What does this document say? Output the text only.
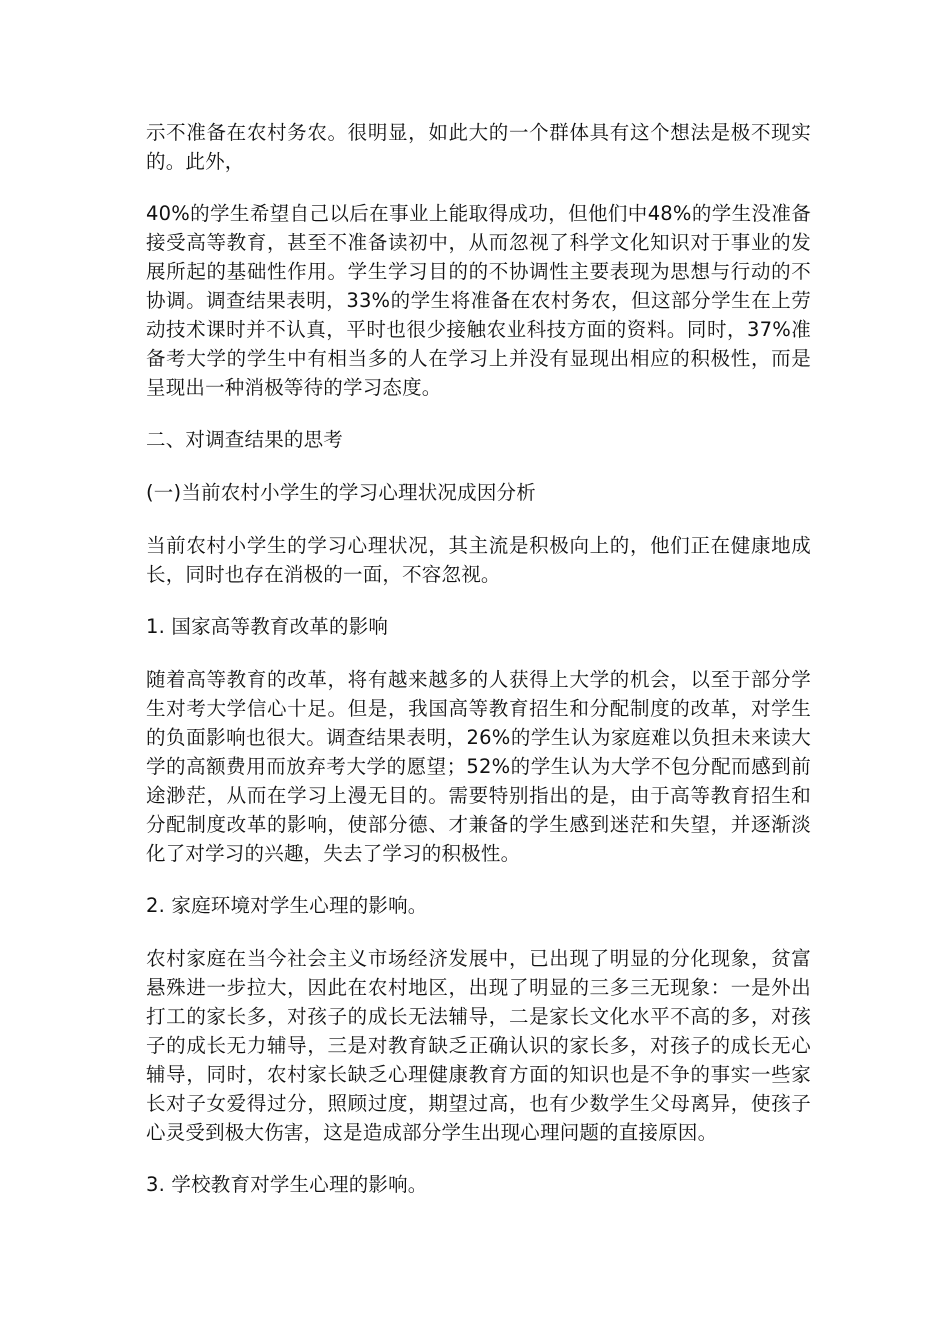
示不准备在农村务农。很明显，如此大的一个群体具有这个想法是极不现实的。此外，

40%的学生希望自己以后在事业上能取得成功，但他们中48%的学生没准备接受高等教育，甚至不准备读初中，从而忽视了科学文化知识对于事业的发展所起的基础性作用。学生学习目的的不协调性主要表现为思想与行动的不协调。调查结果表明，33%的学生将准备在农村务农，但这部分学生在上劳动技术课时并不认真，平时也很少接触农业科技方面的资料。同时，37%准备考大学的学生中有相当多的人在学习上并没有显现出相应的积极性，而是呈现出一种消极等待的学习态度。

二、对调查结果的思考

(一)当前农村小学生的学习心理状况成因分析

当前农村小学生的学习心理状况，其主流是积极向上的，他们正在健康地成长，同时也存在消极的一面，不容忽视。

1. 国家高等教育改革的影响

随着高等教育的改革，将有越来越多的人获得上大学的机会，以至于部分学生对考大学信心十足。但是，我国高等教育招生和分配制度的改革，对学生的负面影响也很大。调查结果表明，26%的学生认为家庭难以负担未来读大学的高额费用而放弃考大学的愿望；52%的学生认为大学不包分配而感到前途渺茫，从而在学习上漫无目的。需要特别指出的是，由于高等教育招生和分配制度改革的影响，使部分德、才兼备的学生感到迷茫和失望，并逐渐淡化了对学习的兴趣，失去了学习的积极性。

2. 家庭环境对学生心理的影响。

农村家庭在当今社会主义市场经济发展中，已出现了明显的分化现象，贫富悬殊进一步拉大，因此在农村地区，出现了明显的三多三无现象：一是外出打工的家长多，对孩子的成长无法辅导，二是家长文化水平不高的多，对孩子的成长无力辅导，三是对教育缺乏正确认识的家长多，对孩子的成长无心辅导，同时，农村家长缺乏心理健康教育方面的知识也是不争的事实一些家长对子女爱得过分，照顾过度，期望过高，也有少数学生父母离异，使孩子心灵受到极大伤害，这是造成部分学生出现心理问题的直接原因。

3. 学校教育对学生心理的影响。
